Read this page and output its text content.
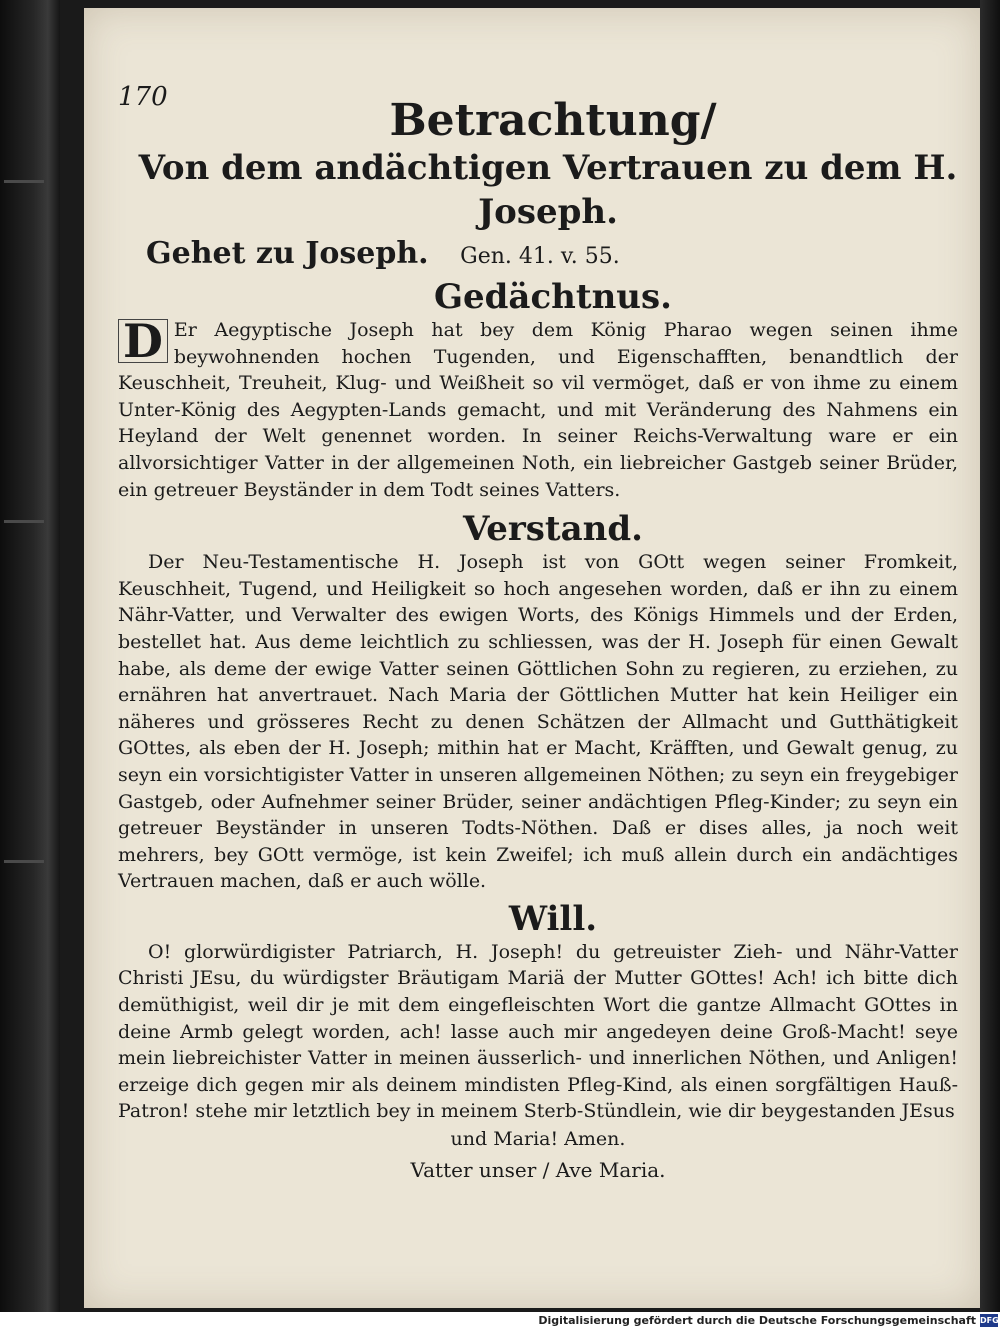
170	Betrachtung/
Von dem andächtigen Vertrauen zu dem H. Joseph.
Gehet zu Joseph. Gen. 41. v. 55.
Gedächtnus.

D Er Aegyptische Joseph hat bey dem König Pharao wegen seinen ihme beywohnenden hochen Tugenden, und Eigenschafften, benandtlich der Keuschheit, Treuheit, Klug- und Weißheit so vil vermöget, daß er von ihme zu einem Unter-König des Aegypten-Lands gemacht, und mit Veränderung des Nahmens ein Heyland der Welt genennet worden. In seiner Reichs-Verwaltung ware er ein allvorsichtiger Vatter in der allgemeinen Noth, ein liebreicher Gastgeb seiner Brüder, ein getreuer Beyständer in dem Todt seines Vatters.

Verstand.

Der Neu-Testamentische H. Joseph ist von GOtt wegen seiner Fromkeit, Keuschheit, Tugend, und Heiligkeit so hoch angesehen worden, daß er ihn zu einem Nähr-Vatter, und Verwalter des ewigen Worts, des Königs Himmels und der Erden, bestellet hat. Aus deme leichtlich zu schliessen, was der H. Joseph für einen Gewalt habe, als deme der ewige Vatter seinen Göttlichen Sohn zu regieren, zu erziehen, zu ernähren hat anvertrauet. Nach Maria der Göttlichen Mutter hat kein Heiliger ein näheres und grösseres Recht zu denen Schätzen der Allmacht und Gutthätigkeit GOttes, als eben der H. Joseph; mithin hat er Macht, Kräfften, und Gewalt genug, zu seyn ein vorsichtigister Vatter in unseren allgemeinen Nöthen; zu seyn ein freygebiger Gastgeb, oder Aufnehmer seiner Brüder, seiner andächtigen Pfleg-Kinder; zu seyn ein getreuer Beyständer in unseren Todts-Nöthen. Daß er dises alles, ja noch weit mehrers, bey GOtt vermöge, ist kein Zweifel; ich muß allein durch ein andächtiges Vertrauen machen, daß er auch wölle.

Will.

O! glorwürdigister Patriarch, H. Joseph! du getreuister Zieh- und Nähr-Vatter Christi JEsu, du würdigster Bräutigam Mariä der Mutter GOttes! Ach! ich bitte dich demüthigist, weil dir je mit dem eingefleischten Wort die gantze Allmacht GOttes in deine Armb gelegt worden, ach! lasse auch mir angedeyen deine Groß-Macht! seye mein liebreichister Vatter in meinen äusserlich- und innerlichen Nöthen, und Anligen! erzeige dich gegen mir als deinem mindisten Pfleg-Kind, als einen sorgfältigen Hauß-Patron! stehe mir letztlich bey in meinem Sterb-Stündlein, wie dir beygestanden JEsus

und Maria! Amen.
Vatter unser / Ave Maria.
Digitalisierung gefördert durch die Deutsche Forschungsgemeinschaft DFG
